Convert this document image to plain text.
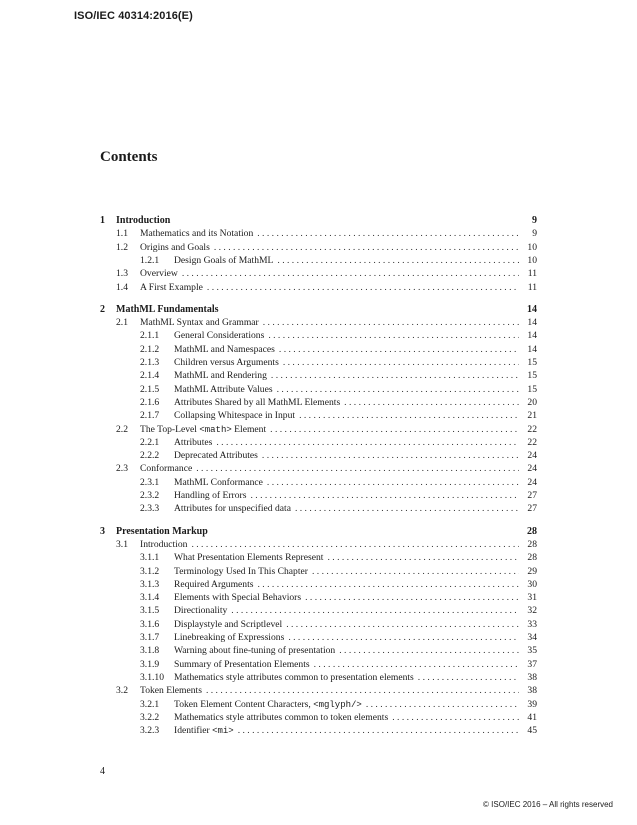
ISO/IEC 40314:2016(E)
Contents
1	Introduction	9
1.1	Mathematics and its Notation . . .	9
1.2	Origins and Goals . . .	10
1.2.1	Design Goals of MathML . . .	10
1.3	Overview . . .	11
1.4	A First Example . . .	11
2	MathML Fundamentals	14
2.1	MathML Syntax and Grammar . . .	14
2.1.1	General Considerations . . .	14
2.1.2	MathML and Namespaces . . .	14
2.1.3	Children versus Arguments . . .	15
2.1.4	MathML and Rendering . . .	15
2.1.5	MathML Attribute Values . . .	15
2.1.6	Attributes Shared by all MathML Elements . . .	20
2.1.7	Collapsing Whitespace in Input . . .	21
2.2	The Top-Level <math> Element . . .	22
2.2.1	Attributes . . .	22
2.2.2	Deprecated Attributes . . .	24
2.3	Conformance . . .	24
2.3.1	MathML Conformance . . .	24
2.3.2	Handling of Errors . . .	27
2.3.3	Attributes for unspecified data . . .	27
3	Presentation Markup	28
3.1	Introduction . . .	28
3.1.1	What Presentation Elements Represent . . .	28
3.1.2	Terminology Used In This Chapter . . .	29
3.1.3	Required Arguments . . .	30
3.1.4	Elements with Special Behaviors . . .	31
3.1.5	Directionality . . .	32
3.1.6	Displaystyle and Scriptlevel . . .	33
3.1.7	Linebreaking of Expressions . . .	34
3.1.8	Warning about fine-tuning of presentation . . .	35
3.1.9	Summary of Presentation Elements . . .	37
3.1.10	Mathematics style attributes common to presentation elements . . .	38
3.2	Token Elements . . .	38
3.2.1	Token Element Content Characters, <mglyph/> . . .	39
3.2.2	Mathematics style attributes common to token elements . . .	41
3.2.3	Identifier <mi> . . .	45
4
© ISO/IEC 2016 – All rights reserved
